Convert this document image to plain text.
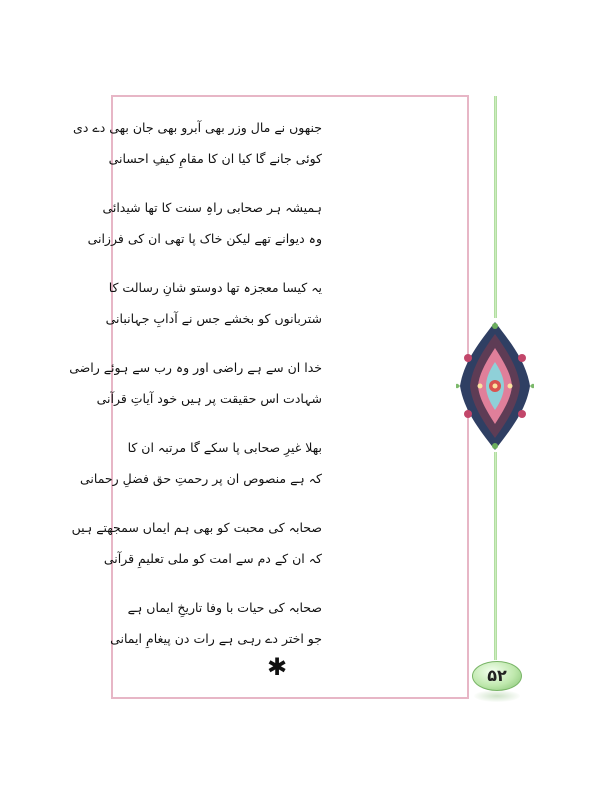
جنھوں نے مال وزر بھی آبرو بھی جان بھی دے دی

کوئی جانے گا کیا ان کا مقامِ کیفِ احسانی

ہمیشہ ہر صحابی راہِ سنت کا تھا شیدائی

وہ دیوانے تھے لیکن خاک پا تھی ان کی فرزانی

یہ کیسا معجزہ تھا دوستو شانِ رسالت کا

شتربانوں کو بخشے جس نے آدابِ جہانبانی

خدا ان سے ہے راضی اور وہ رب سے ہوئے راضی

شہادت اس حقیقت پر ہیں خود آیاتِ قرآنی

بھلا غیرِ صحابی پا سکے گا مرتبہ ان کا

کہ ہے منصوص ان پر رحمتِ حق فضلِ رحمانی

صحابہ کی محبت کو بھی ہم ایماں سمجھتے ہیں

کہ ان کے دم سے امت کو ملی تعلیمِ قرآنی

صحابہ کی حیات با وفا تاریخِ ایماں ہے

جو اختر دے رہی ہے رات دن پیغامِ ایمانی

✱	۵۲
